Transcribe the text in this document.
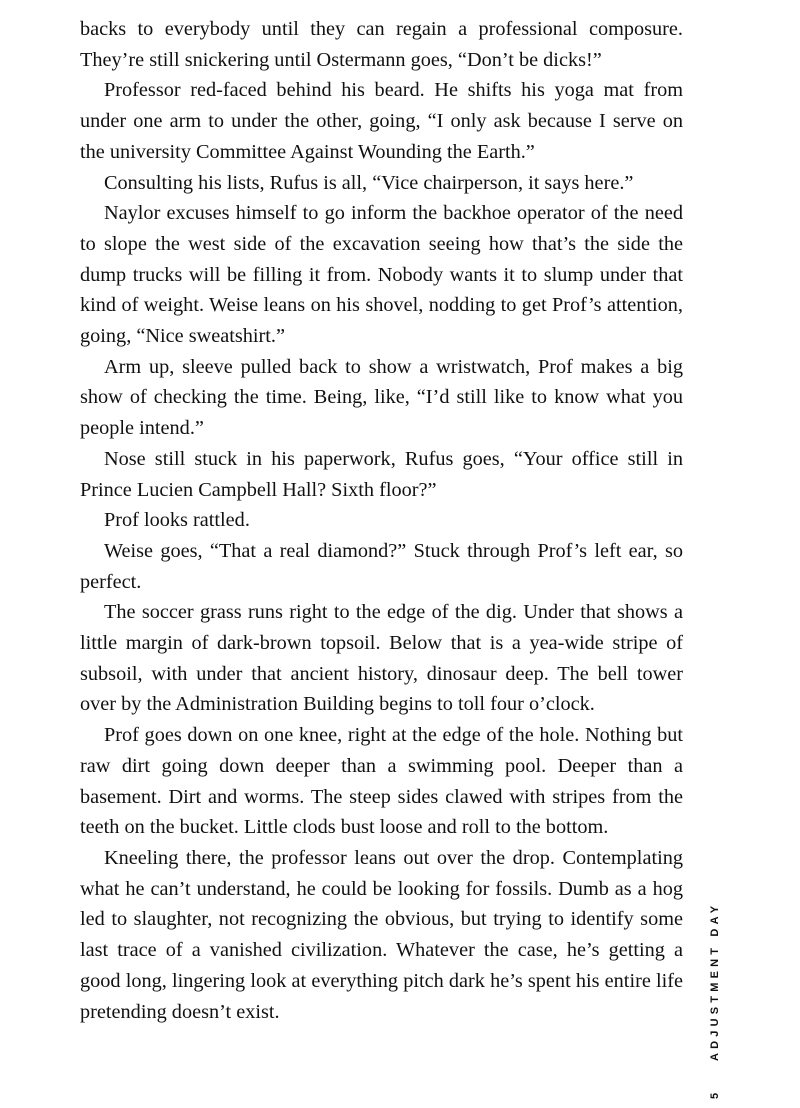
backs to everybody until they can regain a professional composure. They’re still snickering until Ostermann goes, “Don’t be dicks!”

Professor red-faced behind his beard. He shifts his yoga mat from under one arm to under the other, going, “I only ask because I serve on the university Committee Against Wounding the Earth.”

Consulting his lists, Rufus is all, “Vice chairperson, it says here.”

Naylor excuses himself to go inform the backhoe operator of the need to slope the west side of the excavation seeing how that’s the side the dump trucks will be filling it from. Nobody wants it to slump under that kind of weight. Weise leans on his shovel, nodding to get Prof’s attention, going, “Nice sweatshirt.”

Arm up, sleeve pulled back to show a wristwatch, Prof makes a big show of checking the time. Being, like, “I’d still like to know what you people intend.”

Nose still stuck in his paperwork, Rufus goes, “Your office still in Prince Lucien Campbell Hall? Sixth floor?”

Prof looks rattled.

Weise goes, “That a real diamond?” Stuck through Prof’s left ear, so perfect.

The soccer grass runs right to the edge of the dig. Under that shows a little margin of dark-brown topsoil. Below that is a yea-wide stripe of subsoil, with under that ancient history, dinosaur deep. The bell tower over by the Administration Building begins to toll four o’clock.

Prof goes down on one knee, right at the edge of the hole. Nothing but raw dirt going down deeper than a swimming pool. Deeper than a basement. Dirt and worms. The steep sides clawed with stripes from the teeth on the bucket. Little clods bust loose and roll to the bottom.

Kneeling there, the professor leans out over the drop. Contemplating what he can’t understand, he could be looking for fossils. Dumb as a hog led to slaughter, not recognizing the obvious, but trying to identify some last trace of a vanished civilization. Whatever the case, he’s getting a good long, lingering look at everything pitch dark he’s spent his entire life pretending doesn’t exist.	ADJUSTMENT DAY
5
